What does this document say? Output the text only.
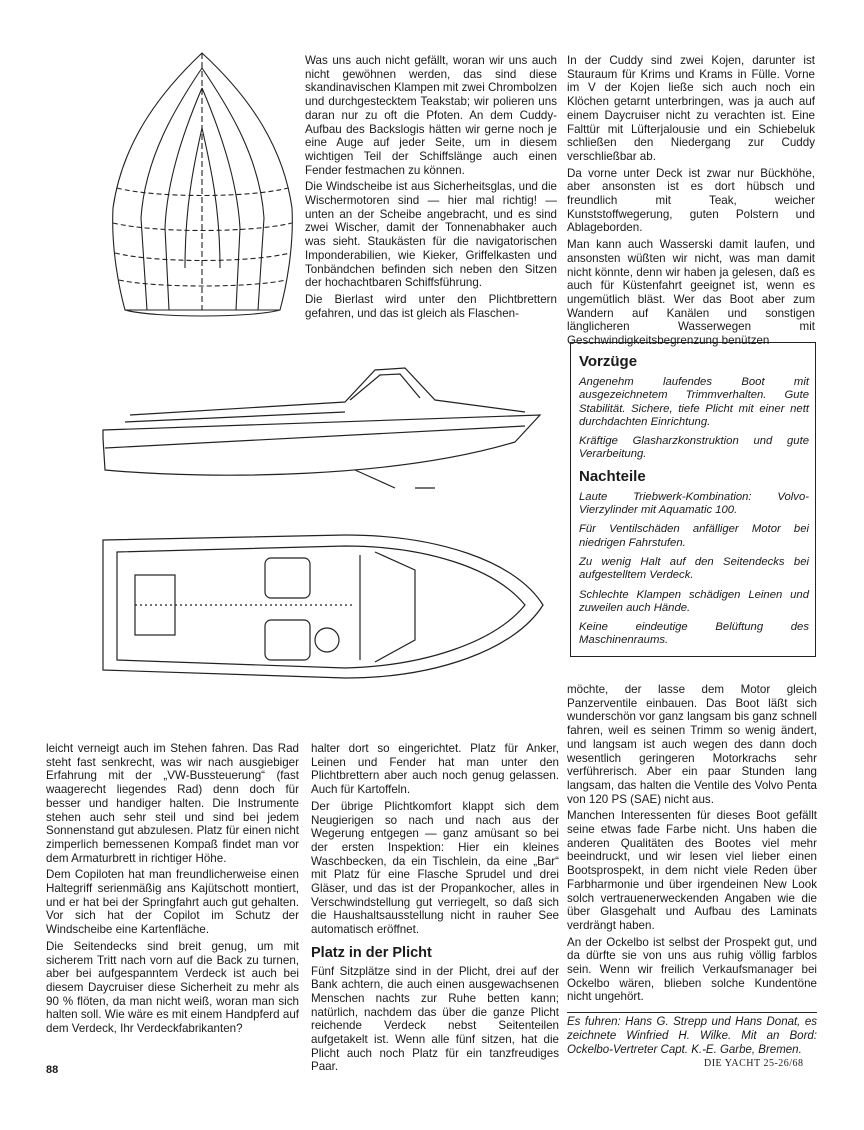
Was uns auch nicht gefällt, woran wir uns auch nicht gewöhnen werden, das sind diese skandinavischen Klampen mit zwei Chrombolzen und durchgestecktem Teakstab; wir polieren uns daran nur zu oft die Pfoten. An dem Cuddy-Aufbau des Backslogis hätten wir gerne noch je eine Auge auf jeder Seite, um in diesem wichtigen Teil der Schiffslänge auch einen Fender festmachen zu können.

Die Windscheibe ist aus Sicherheitsglas, und die Wischermotoren sind — hier mal richtig! — unten an der Scheibe angebracht, und es sind zwei Wischer, damit der Tonnenabhaker auch was sieht. Staukästen für die navigatorischen Imponderabilien, wie Kieker, Griffelkasten und Tonbändchen befinden sich neben den Sitzen der hochachtbaren Schiffsführung.

Die Bierlast wird unter den Plichtbrettern gefahren, und das ist gleich als Flaschen-

In der Cuddy sind zwei Kojen, darunter ist Stauraum für Krims und Krams in Fülle. Vorne im V der Kojen ließe sich auch noch ein Klöchen getarnt unterbringen, was ja auch auf einem Daycruiser nicht zu verachten ist. Eine Falttür mit Lüfterjalousie und ein Schiebeluk schließen den Niedergang zur Cuddy verschließbar ab.

Da vorne unter Deck ist zwar nur Bückhöhe, aber ansonsten ist es dort hübsch und freundlich mit Teak, weicher Kunststoffwegerung, guten Polstern und Ablageborden.

Man kann auch Wasserski damit laufen, und ansonsten wüßten wir nicht, was man damit nicht könnte, denn wir haben ja gelesen, daß es auch für Küstenfahrt geeignet ist, wenn es ungemütlich bläst. Wer das Boot aber zum Wandern auf Kanälen und sonstigen länglicheren Wasserwegen mit Geschwindigkeitsbegrenzung benützen

Vorzüge

Angenehm laufendes Boot mit ausgezeichnetem Trimmverhalten. Gute Stabilität. Sichere, tiefe Plicht mit einer nett durchdachten Einrichtung.

Kräftige Glasharzkonstruktion und gute Verarbeitung.

Nachteile

Laute Triebwerk-Kombination: Volvo-Vierzylinder mit Aquamatic 100.

Für Ventilschäden anfälliger Motor bei niedrigen Fahrstufen.

Zu wenig Halt auf den Seitendecks bei aufgestelltem Verdeck.

Schlechte Klampen schädigen Leinen und zuweilen auch Hände.

Keine eindeutige Belüftung des Maschinenraums.

möchte, der lasse dem Motor gleich Panzerventile einbauen. Das Boot läßt sich wunderschön vor ganz langsam bis ganz schnell fahren, weil es seinen Trimm so wenig ändert, und langsam ist auch wegen des dann doch wesentlich geringeren Motorkrachs sehr verführerisch. Aber ein paar Stunden lang langsam, das halten die Ventile des Volvo Penta von 120 PS (SAE) nicht aus.

Manchen Interessenten für dieses Boot gefällt seine etwas fade Farbe nicht. Uns haben die anderen Qualitäten des Bootes viel mehr beeindruckt, und wir lesen viel lieber einen Bootsprospekt, in dem nicht viele Reden über Farbharmonie und über irgendeinen New Look solch vertrauenerweckenden Angaben wie die über Glasgehalt und Aufbau des Laminats verdrängt haben.

An der Ockelbo ist selbst der Prospekt gut, und da dürfte sie von uns aus ruhig völlig farblos sein. Wenn wir freilich Verkaufsmanager bei Ockelbo wären, blieben solche Kundentöne nicht ungehört.

Es fuhren: Hans G. Strepp und Hans Donat, es zeichnete Winfried H. Wilke. Mit an Bord: Ockelbo-Vertreter Capt. K.-E. Garbe, Bremen.

leicht verneigt auch im Stehen fahren. Das Rad steht fast senkrecht, was wir nach ausgiebiger Erfahrung mit der „VW-Bussteuerung“ (fast waagerecht liegendes Rad) denn doch für besser und handiger halten. Die Instrumente stehen auch sehr steil und sind bei jedem Sonnenstand gut abzulesen. Platz für einen nicht zimperlich bemessenen Kompaß findet man vor dem Armaturbrett in richtiger Höhe.

Dem Copiloten hat man freundlicherweise einen Haltegriff serienmäßig ans Kajütschott montiert, und er hat bei der Springfahrt auch gut gehalten. Vor sich hat der Copilot im Schutz der Windscheibe eine Kartenfläche.

Die Seitendecks sind breit genug, um mit sicherem Tritt nach vorn auf die Back zu turnen, aber bei aufgespanntem Verdeck ist auch bei diesem Daycruiser diese Sicherheit zu mehr als 90 % flöten, da man nicht weiß, woran man sich halten soll. Wie wäre es mit einem Handpferd auf dem Verdeck, Ihr Verdeckfabrikanten?

halter dort so eingerichtet. Platz für Anker, Leinen und Fender hat man unter den Plichtbrettern aber auch noch genug gelassen. Auch für Kartoffeln.

Der übrige Plichtkomfort klappt sich dem Neugierigen so nach und nach aus der Wegerung entgegen — ganz amüsant so bei der ersten Inspektion: Hier ein kleines Waschbecken, da ein Tischlein, da eine „Bar“ mit Platz für eine Flasche Sprudel und drei Gläser, und das ist der Propankocher, alles in Verschwindstellung gut verriegelt, so daß sich die Haushaltsausstellung nicht in rauher See automatisch eröffnet.

Platz in der Plicht

Fünf Sitzplätze sind in der Plicht, drei auf der Bank achtern, die auch einen ausgewachsenen Menschen nachts zur Ruhe betten kann; natürlich, nachdem das über die ganze Plicht reichende Verdeck nebst Seitenteilen aufgetakelt ist. Wenn alle fünf sitzen, hat die Plicht auch noch Platz für ein tanzfreudiges Paar.

88
DIE YACHT 25-26/68
